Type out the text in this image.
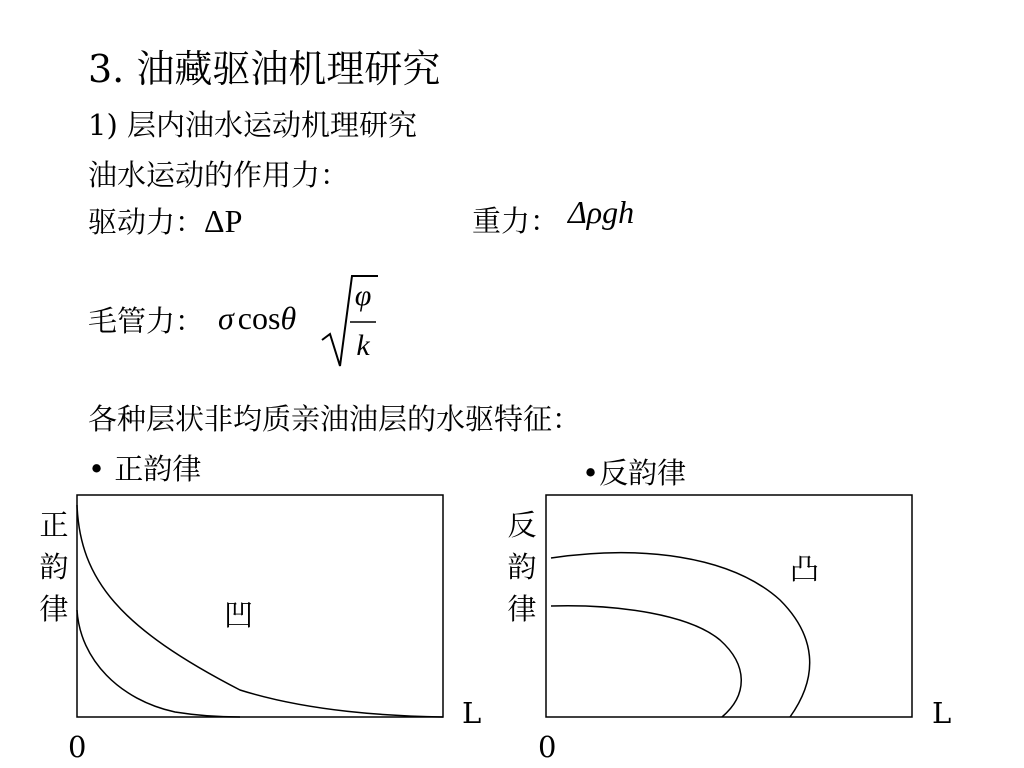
3. 油藏驱油机理研究
1) 层内油水运动机理研究
油水运动的作用力：
驱动力：ΔP	重力： Δρgh
毛管力： σ cosθ
φ
k
各种层状非均质亲油油层的水驱特征：
• 正韵律	•反韵律
正
韵
律	凹
L
0
反
韵
律
凸
L
0
